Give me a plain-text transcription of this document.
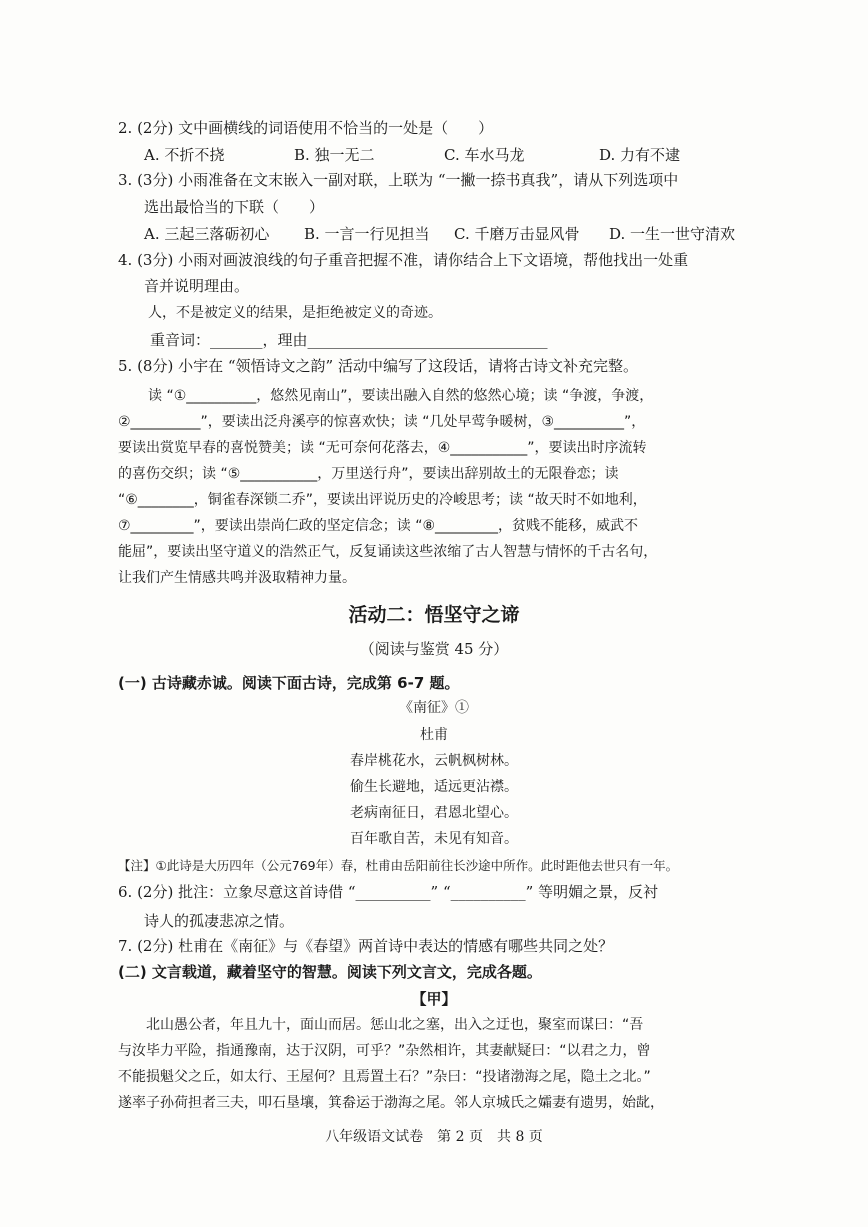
2. (2分) 文中画横线的词语使用不恰当的一处是（　　）
A. 不折不挠	B. 独一无二	C. 车水马龙	D. 力有不逮
3. (3分) 小雨准备在文末嵌入一副对联，上联为 “一撇一捺书真我”，请从下列选项中
选出最恰当的下联（　　）
A. 三起三落砺初心	B. 一言一行见担当	C. 千磨万击显风骨	D. 一生一世守清欢
4. (3分) 小雨对画波浪线的句子重音把握不准，请你结合上下文语境，帮他找出一处重
音并说明理由。
人，不是被定义的结果，是拒绝被定义的奇迹。
重音词：_______，理由________________________________
5. (8分) 小宇在 “领悟诗文之韵” 活动中编写了这段话，请将古诗文补充完整。
读 “①__________，悠然见南山”，要读出融入自然的悠然心境；读 “争渡，争渡，
②__________”，要读出泛舟溪亭的惊喜欢快；读 “几处早莺争暖树，③__________”，
要读出赏览早春的喜悦赞美；读 “无可奈何花落去，④___________”，要读出时序流转
的喜伤交织；读 “⑤___________，万里送行舟”，要读出辞别故土的无限眷恋；读
“⑥________，铜雀春深锁二乔”，要读出评说历史的冷峻思考；读 “故天时不如地利，
⑦_________”，要读出崇尚仁政的坚定信念；读 “⑧_________，贫贱不能移，威武不
能屈”，要读出坚守道义的浩然正气，反复诵读这些浓缩了古人智慧与情怀的千古名句，
让我们产生情感共鸣并汲取精神力量。
活动二：悟坚守之谛
（阅读与鉴赏 45 分）
(一) 古诗藏赤诚。阅读下面古诗，完成第 6-7 题。
《南征》①
杜甫
春岸桃花水，云帆枫树林。
偷生长避地，适远更沾襟。
老病南征日，君恩北望心。
百年歌自苦，未见有知音。
【注】①此诗是大历四年（公元769年）春，杜甫由岳阳前往长沙途中所作。此时距他去世只有一年。
6. (2分) 批注：立象尽意这首诗借 “__________” “__________” 等明媚之景，反衬
诗人的孤凄悲凉之情。
7. (2分) 杜甫在《南征》与《春望》两首诗中表达的情感有哪些共同之处？
(二) 文言载道，藏着坚守的智慧。阅读下列文言文，完成各题。
【甲】
北山愚公者，年且九十，面山而居。惩山北之塞，出入之迂也，聚室而谋曰：“吾
与汝毕力平险，指通豫南，达于汉阴，可乎？”杂然相许，其妻献疑曰：“以君之力，曾
不能损魁父之丘，如太行、王屋何？且焉置土石？”杂曰：“投诸渤海之尾，隐土之北。”
遂率子孙荷担者三夫，叩石垦壤，箕畚运于渤海之尾。邻人京城氏之孀妻有遗男，始龀，
八年级语文试卷　第 2 页　共 8 页
